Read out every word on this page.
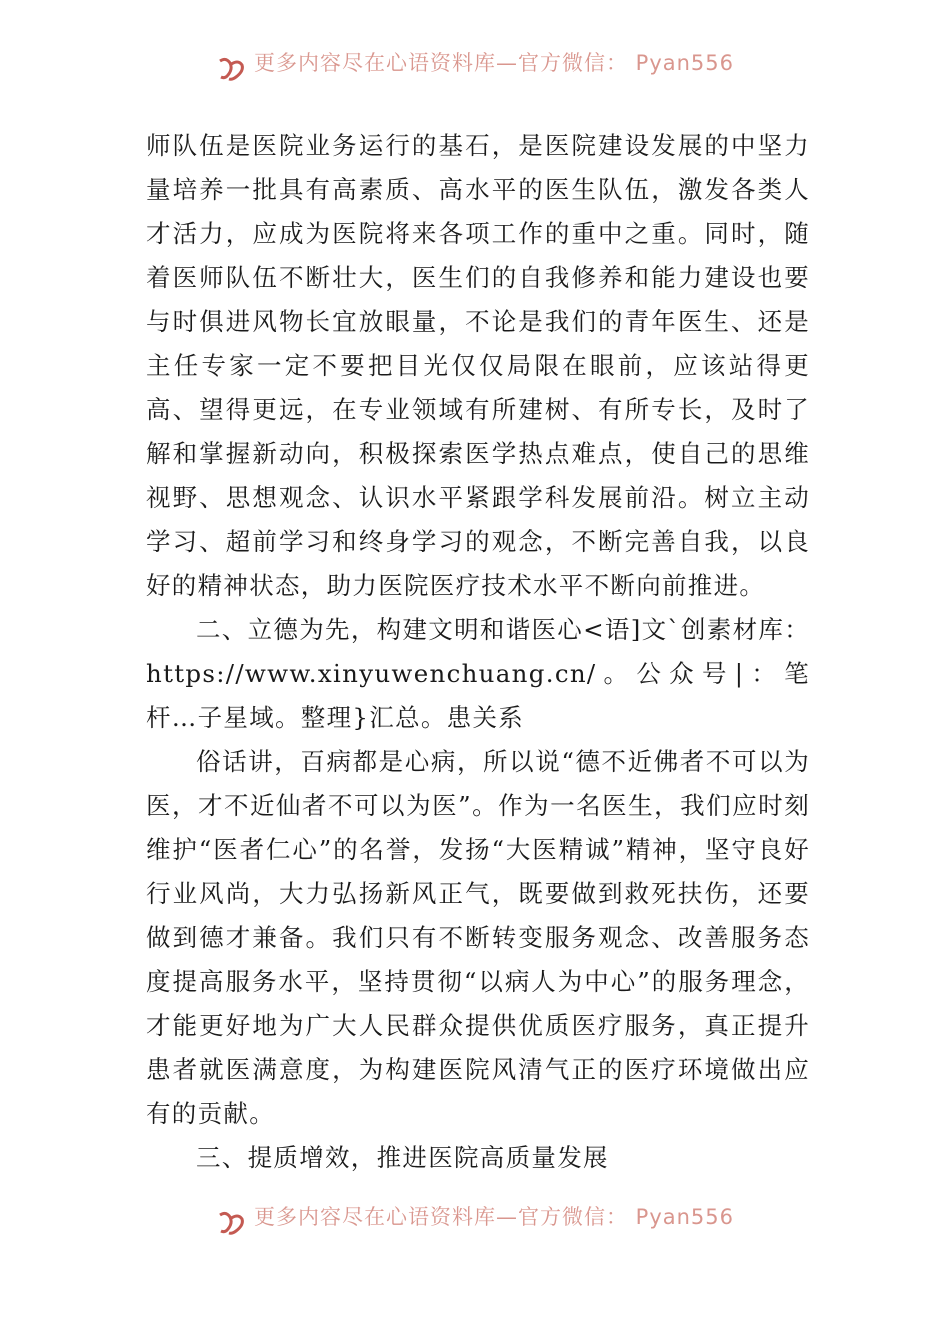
更多内容尽在心语资料库—官方微信： Pyan556

师队伍是医院业务运行的基石，是医院建设发展的中坚力量培养一批具有高素质、高水平的医生队伍，激发各类人才活力，应成为医院将来各项工作的重中之重。同时，随着医师队伍不断壮大，医生们的自我修养和能力建设也要与时俱进风物长宜放眼量，不论是我们的青年医生、还是主任专家一定不要把目光仅仅局限在眼前，应该站得更高、望得更远，在专业领域有所建树、有所专长，及时了解和掌握新动向，积极探索医学热点难点，使自己的思维视野、思想观念、认识水平紧跟学科发展前沿。树立主动学习、超前学习和终身学习的观念，不断完善自我，以良好的精神状态，助力医院医疗技术水平不断向前推进。

二、立德为先，构建文明和谐医心<语]文`创素材库：https://www.xinyuwenchuang.cn/。公众号|：笔杆…子星域。整理}汇总。患关系

俗话讲，百病都是心病，所以说“德不近佛者不可以为医，才不近仙者不可以为医”。作为一名医生，我们应时刻维护“医者仁心”的名誉，发扬“大医精诚”精神，坚守良好行业风尚，大力弘扬新风正气，既要做到救死扶伤，还要做到德才兼备。我们只有不断转变服务观念、改善服务态度提高服务水平，坚持贯彻“以病人为中心”的服务理念，才能更好地为广大人民群众提供优质医疗服务，真正提升患者就医满意度，为构建医院风清气正的医疗环境做出应有的贡献。

三、提质增效，推进医院高质量发展

更多内容尽在心语资料库—官方微信： Pyan556
